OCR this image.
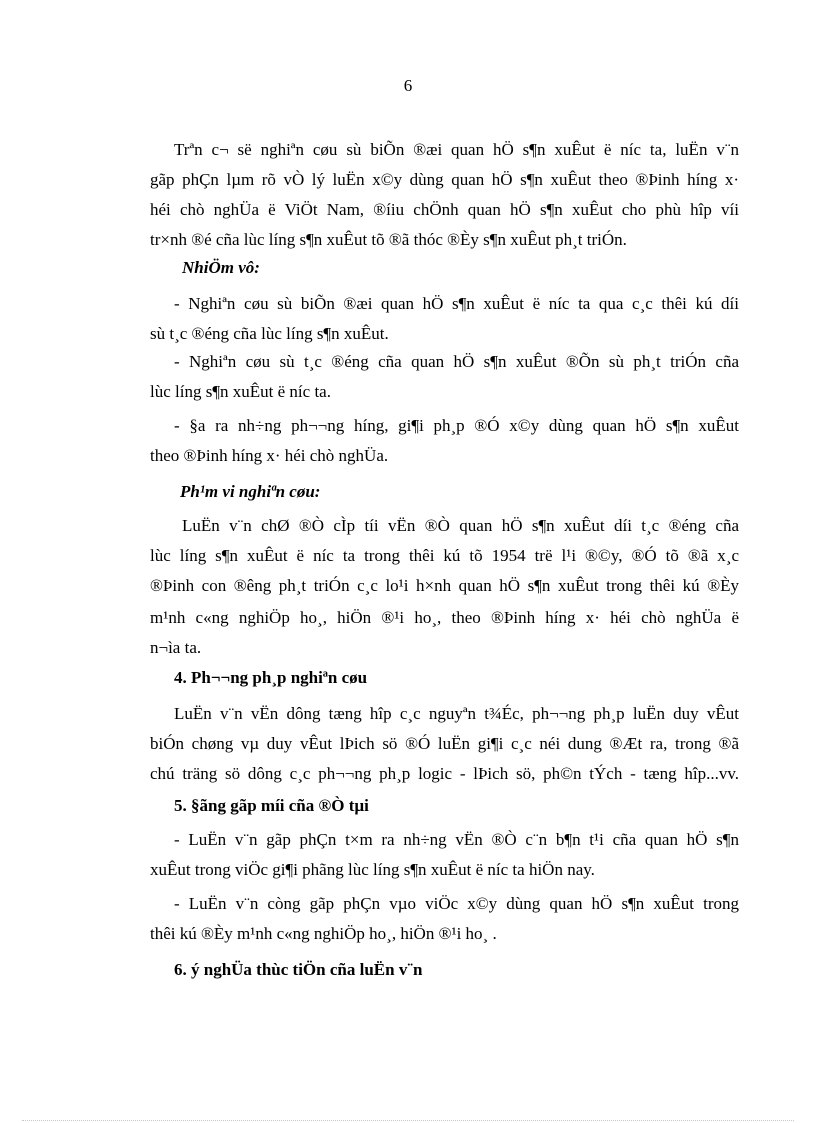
6
Trªn c¬ së nghiªn cøu sù biÕn ®æi quan hÖ s¶n xuÊut ë níc ta, luËn v¨n
gãp phÇn lµm rõ vÒ lý luËn x©y dùng quan hÖ s¶n xuÊut theo ®Þinh híng x·
héi chò nghÜa ë ViÖt Nam, ®íiu chÖnh quan hÖ s¶n xuÊut cho phù hîp víi
tr×nh ®é cña lùc líng s¶n xuÊut tõ ®ã thóc ®Èy s¶n xuÊut ph¸t triÓn.
NhiÖm vô:
- Nghiªn cøu sù biÕn ®æi quan hÖ s¶n xuÊut ë níc ta qua c¸c thêi kú díi
sù t¸c ®éng cña lùc líng s¶n xuÊut.
- Nghiªn cøu sù t¸c ®éng cña quan hÖ s¶n xuÊut ®Õn sù ph¸t triÓn cña
lùc líng s¶n xuÊut ë níc ta.
- §a ra nh÷ng ph¬¬ng híng, gi¶i ph¸p ®Ó x©y dùng quan hÖ s¶n xuÊut
theo ®Þinh híng x· héi chò nghÜa.
Ph¹m vi nghiªn cøu:
LuËn v¨n chØ ®Ò cÌp tíi vËn ®Ò quan hÖ s¶n xuÊut díi t¸c ®éng cña
lùc líng s¶n xuÊut ë níc ta trong thêi kú tõ 1954 trë l¹i ®©y, ®Ó tõ ®ã x¸c
®Þinh con ®êng ph¸t triÓn c¸c lo¹i h×nh quan hÖ s¶n xuÊut trong thêi kú ®Èy
m¹nh c«ng nghiÖp ho¸, hiÖn ®¹i ho¸, theo ®Þinh híng x· héi chò nghÜa ë
n¬ìa ta.
4. Ph¬¬ng ph¸p nghiªn cøu
LuËn v¨n vËn dông tæng hîp c¸c nguyªn t¾Éc, ph¬¬ng ph¸p luËn duy vÊut
biÓn chøng vµ duy vÊut lÞich sö ®Ó luËn gi¶i c¸c néi dung ®Æt ra, trong ®ã
chú träng sö dông c¸c ph¬¬ng ph¸p logic - lÞich sö, ph©n tÝch - tæng hîp...vv.
5. §ãng gãp míi cña ®Ò tµi
- LuËn v¨n gãp phÇn t×m ra nh÷ng vËn ®Ò c¨n b¶n t¹i cña quan hÖ s¶n
xuÊut trong viÖc gi¶i phãng lùc líng s¶n xuÊut ë níc ta hiÖn nay.
- LuËn v¨n còng gãp phÇn vµo viÖc x©y dùng quan hÖ s¶n xuÊut trong
thêi kú ®Èy m¹nh c«ng nghiÖp ho¸, hiÖn ®¹i ho¸ .
6. ý nghÜa thùc tiÖn cña luËn v¨n
